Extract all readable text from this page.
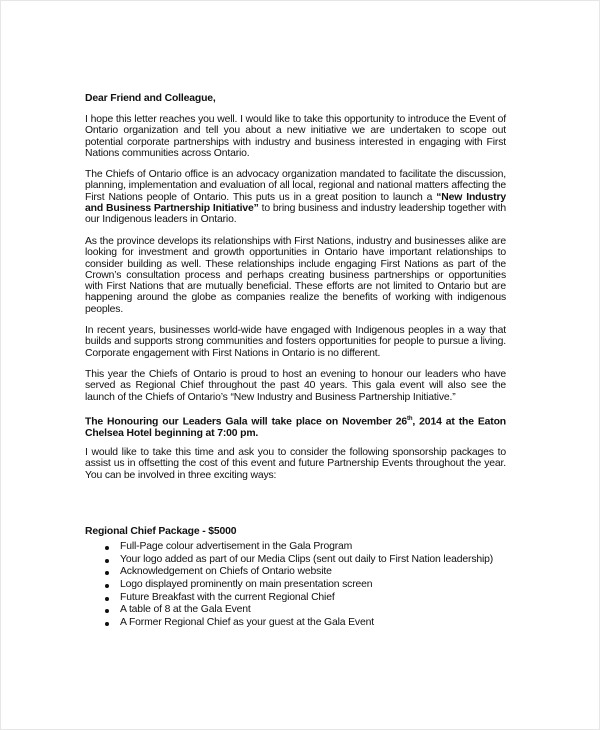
Dear Friend and Colleague,

I hope this letter reaches you well. I would like to take this opportunity to introduce the Event of Ontario organization and tell you about a new initiative we are undertaken to scope out potential corporate partnerships with industry and business interested in engaging with First Nations communities across Ontario.

The Chiefs of Ontario office is an advocacy organization mandated to facilitate the discussion, planning, implementation and evaluation of all local, regional and national matters affecting the First Nations people of Ontario. This puts us in a great position to launch a “New Industry and Business Partnership Initiative” to bring business and industry leadership together with our Indigenous leaders in Ontario.

As the province develops its relationships with First Nations, industry and businesses alike are looking for investment and growth opportunities in Ontario have important relationships to consider building as well. These relationships include engaging First Nations as part of the Crown’s consultation process and perhaps creating business partnerships or opportunities with First Nations that are mutually beneficial. These efforts are not limited to Ontario but are happening around the globe as companies realize the benefits of working with indigenous peoples.

In recent years, businesses world-wide have engaged with Indigenous peoples in a way that builds and supports strong communities and fosters opportunities for people to pursue a living. Corporate engagement with First Nations in Ontario is no different.

This year the Chiefs of Ontario is proud to host an evening to honour our leaders who have served as Regional Chief throughout the past 40 years. This gala event will also see the launch of the Chiefs of Ontario’s “New Industry and Business Partnership Initiative.”

The Honouring our Leaders Gala will take place on November 26th, 2014 at the Eaton Chelsea Hotel beginning at 7:00 pm.

I would like to take this time and ask you to consider the following sponsorship packages to assist us in offsetting the cost of this event and future Partnership Events throughout the year. You can be involved in three exciting ways:

Regional Chief Package - $5000

Full-Page colour advertisement in the Gala Program
Your logo added as part of our Media Clips (sent out daily to First Nation leadership)
Acknowledgement on Chiefs of Ontario website
Logo displayed prominently on main presentation screen
Future Breakfast with the current Regional Chief
A table of 8 at the Gala Event
A Former Regional Chief as your guest at the Gala Event
